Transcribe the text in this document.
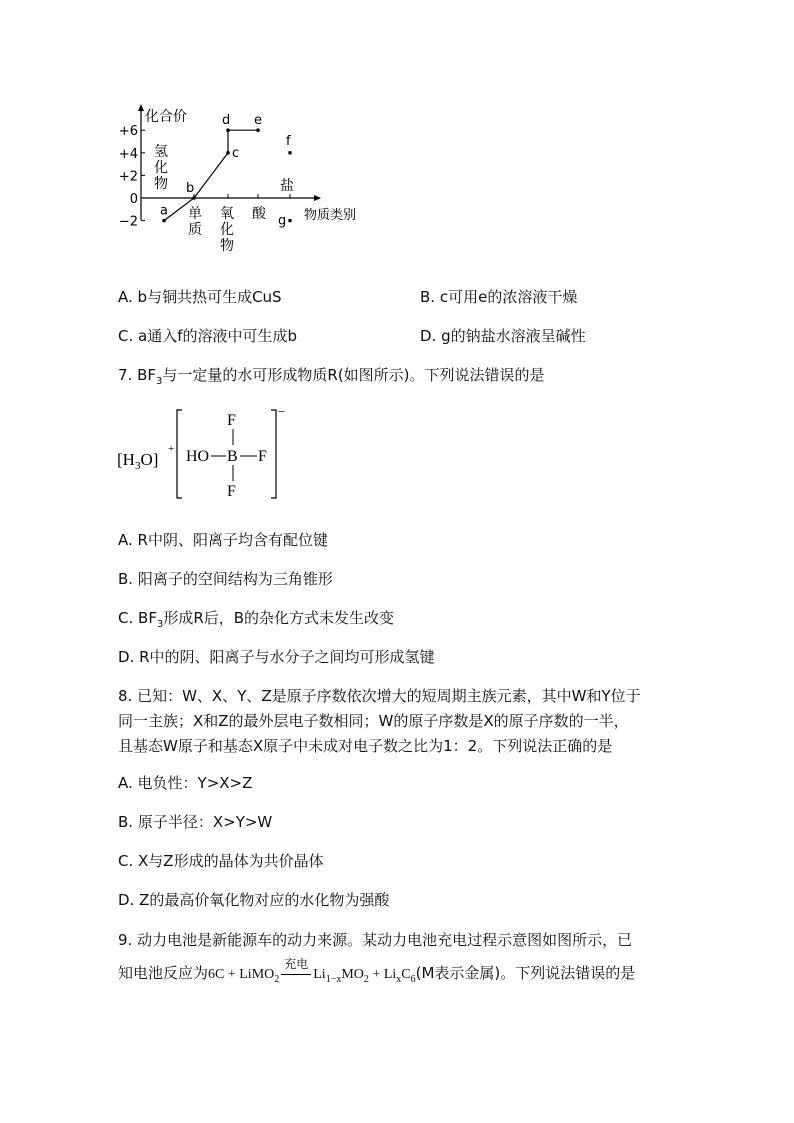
化合价
物质类别
+6
+4
+2
0
−2
氢
化
物
单
质
氧
化
物
酸
盐
a
b
c
d e
f
g
A. b与铜共热可生成CuS	B. c可用e的浓溶液干燥
C. a通入f的溶液中可生成b	D. g的钠盐水溶液呈碱性
7. $BF_3$与一定量的水可形成物质R(如图所示)。下列说法错误的是
$[H_3O]$
+
−
F
HO B F
F
A. R中阴、阳离子均含有配位键
B. 阳离子的空间结构为三角锥形
C. $BF_3$形成R后，B的杂化方式未发生改变
D. R中的阴、阳离子与水分子之间均可形成氢键
8. 已知：W、X、Y、Z是原子序数依次增大的短周期主族元素，其中W和Y位于
同一主族；X和Z的最外层电子数相同；W的原子序数是X的原子序数的一半，
且基态W原子和基态X原子中未成对电子数之比为1：2。下列说法正确的是
A. 电负性：Y>X>Z
B. 原子半径：X>Y>W
C. X与Z形成的晶体为共价晶体
D. Z的最高价氧化物对应的水化物为强酸
9. 动力电池是新能源车的动力来源。某动力电池充电过程示意图如图所示，已
知电池反应为6C + LiMO$_2$
充电
$Li_{1-x}MO_2 + Li_xC_6(M$表示金属)。下列说法错误的是
